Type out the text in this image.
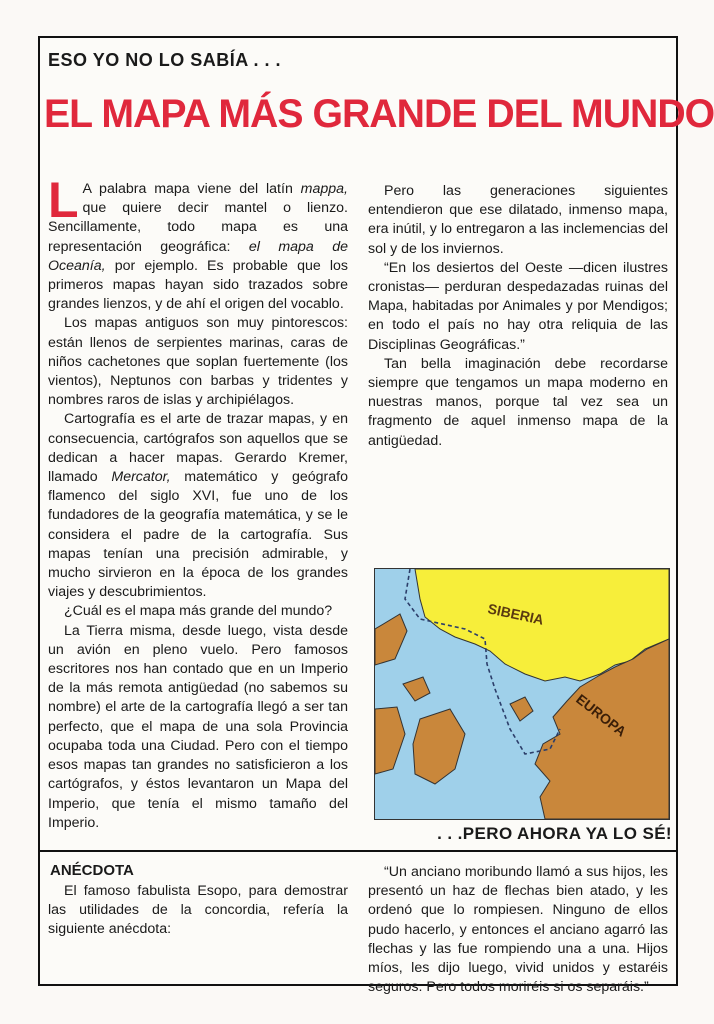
ESO YO NO LO SABÍA . . .
EL MAPA MÁS GRANDE DEL MUNDO

L A palabra mapa viene del latín mappa, que quiere decir mantel o lienzo. Sencillamente, todo mapa es una representación geográfica: el mapa de Oceanía, por ejemplo. Es probable que los primeros mapas hayan sido trazados sobre grandes lienzos, y de ahí el origen del vocablo.

Los mapas antiguos son muy pintorescos: están llenos de serpientes marinas, caras de niños cachetones que soplan fuertemente (los vientos), Neptunos con barbas y tridentes y nombres raros de islas y archipiélagos.

Cartografía es el arte de trazar mapas, y en consecuencia, cartógrafos son aquellos que se dedican a hacer mapas. Gerardo Kremer, llamado Mercator, matemático y geógrafo flamenco del siglo XVI, fue uno de los fundadores de la geografía matemática, y se le considera el padre de la cartografía. Sus mapas tenían una precisión admirable, y mucho sirvieron en la época de los grandes viajes y descubrimientos.

¿Cuál es el mapa más grande del mundo?

La Tierra misma, desde luego, vista desde un avión en pleno vuelo. Pero famosos escritores nos han contado que en un Imperio de la más remota antigüedad (no sabemos su nombre) el arte de la cartografía llegó a ser tan perfecto, que el mapa de una sola Provincia ocupaba toda una Ciudad. Pero con el tiempo esos mapas tan grandes no satisficieron a los cartógrafos, y éstos levantaron un Mapa del Imperio, que tenía el mismo tamaño del Imperio.

Pero las generaciones siguientes entendieron que ese dilatado, inmenso mapa, era inútil, y lo entregaron a las inclemencias del sol y de los inviernos.

“En los desiertos del Oeste —dicen ilustres cronistas— perduran despedazadas ruinas del Mapa, habitadas por Animales y por Mendigos; en todo el país no hay otra reliquia de las Disciplinas Geográficas.”

Tan bella imaginación debe recordarse siempre que tengamos un mapa moderno en nuestras manos, porque tal vez sea un fragmento de aquel inmenso mapa de la antigüedad.

SIBERIA
EUROPA
. . .PERO AHORA YA LO SÉ!
ANÉCDOTA

El famoso fabulista Esopo, para demostrar las utilidades de la concordia, refería la siguiente anécdota:

“Un anciano moribundo llamó a sus hijos, les presentó un haz de flechas bien atado, y les ordenó que lo rompiesen. Ninguno de ellos pudo hacerlo, y entonces el anciano agarró las flechas y las fue rompiendo una a una. Hijos míos, les dijo luego, vivid unidos y estaréis seguros. Pero todos moriréis si os separáis.”
